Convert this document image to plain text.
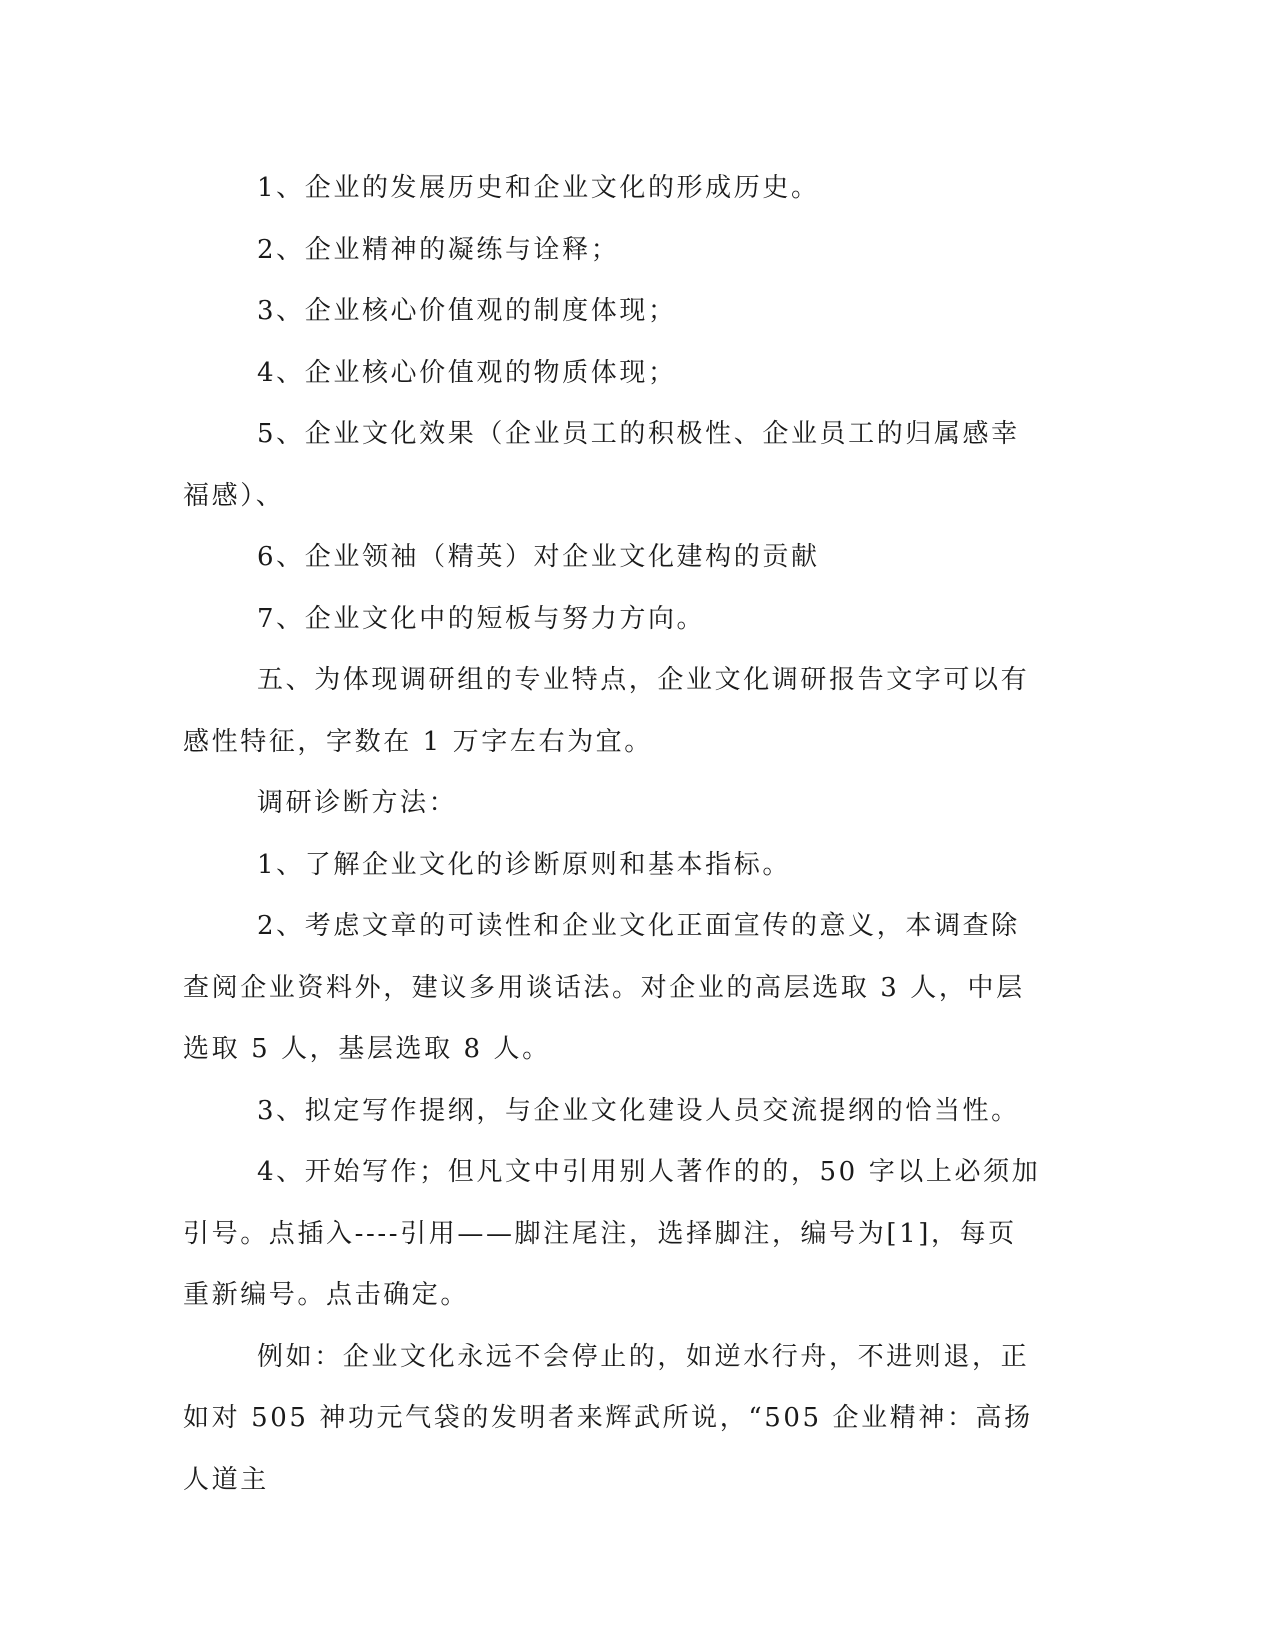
1、企业的发展历史和企业文化的形成历史。

2、企业精神的凝练与诠释；

3、企业核心价值观的制度体现；

4、企业核心价值观的物质体现；

5、企业文化效果（企业员工的积极性、企业员工的归属感幸福感）、

6、企业领袖（精英）对企业文化建构的贡献

7、企业文化中的短板与努力方向。

五、为体现调研组的专业特点，企业文化调研报告文字可以有感性特征，字数在 1 万字左右为宜。

调研诊断方法：

1、了解企业文化的诊断原则和基本指标。

2、考虑文章的可读性和企业文化正面宣传的意义，本调查除查阅企业资料外，建议多用谈话法。对企业的高层选取 3 人，中层选取 5 人，基层选取 8 人。

3、拟定写作提纲，与企业文化建设人员交流提纲的恰当性。

4、开始写作；但凡文中引用别人著作的的，50 字以上必须加引号。点插入----引用——脚注尾注，选择脚注，编号为[1]，每页重新编号。点击确定。

例如：企业文化永远不会停止的，如逆水行舟，不进则退，正如对 505 神功元气袋的发明者来辉武所说，“505 企业精神：高扬人道主
